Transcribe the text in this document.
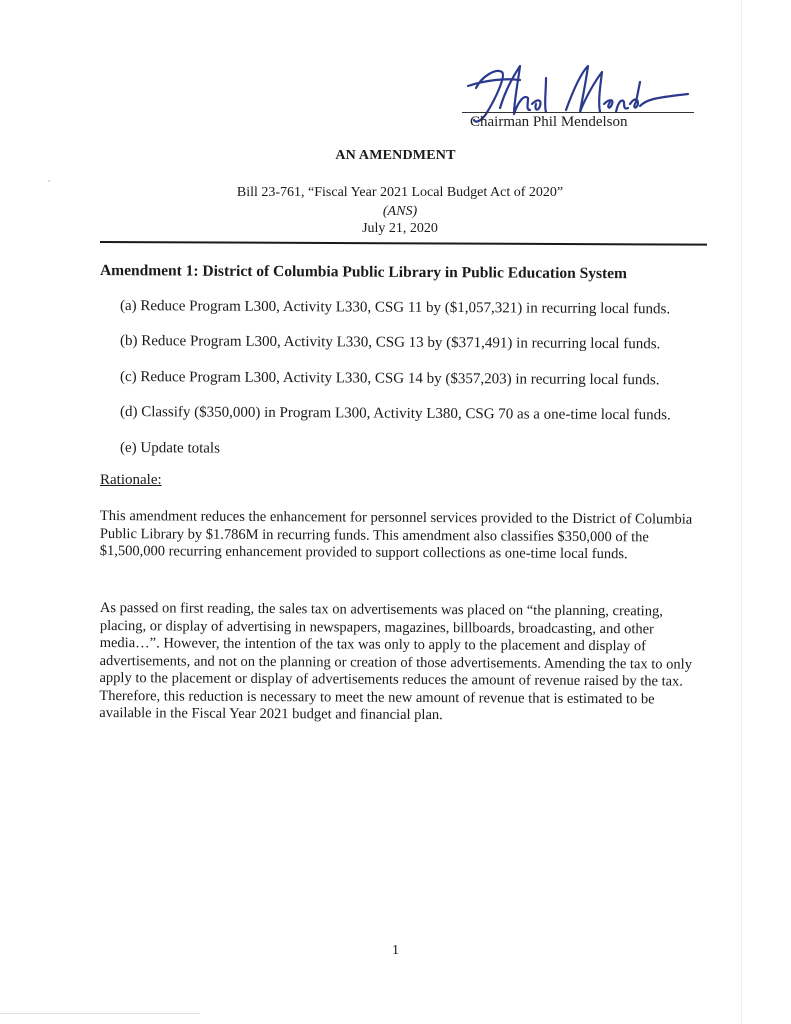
Chairman Phil Mendelson
AN AMENDMENT
Bill 23-761, “Fiscal Year 2021 Local Budget Act of 2020”
(ANS)
July 21, 2020
Amendment 1: District of Columbia Public Library in Public Education System
(a) Reduce Program L300, Activity L330, CSG 11 by ($1,057,321) in recurring local funds.
(b) Reduce Program L300, Activity L330, CSG 13 by ($371,491) in recurring local funds.
(c) Reduce Program L300, Activity L330, CSG 14 by ($357,203) in recurring local funds.
(d) Classify ($350,000) in Program L300, Activity L380, CSG 70 as a one-time local funds.
(e) Update totals
Rationale:
This amendment reduces the enhancement for personnel services provided to the District of Columbia Public Library by $1.786M in recurring funds. This amendment also classifies $350,000 of the $1,500,000 recurring enhancement provided to support collections as one-time local funds.
As passed on first reading, the sales tax on advertisements was placed on “the planning, creating, placing, or display of advertising in newspapers, magazines, billboards, broadcasting, and other media…”. However, the intention of the tax was only to apply to the placement and display of advertisements, and not on the planning or creation of those advertisements. Amending the tax to only apply to the placement or display of advertisements reduces the amount of revenue raised by the tax. Therefore, this reduction is necessary to meet the new amount of revenue that is estimated to be available in the Fiscal Year 2021 budget and financial plan.
1
